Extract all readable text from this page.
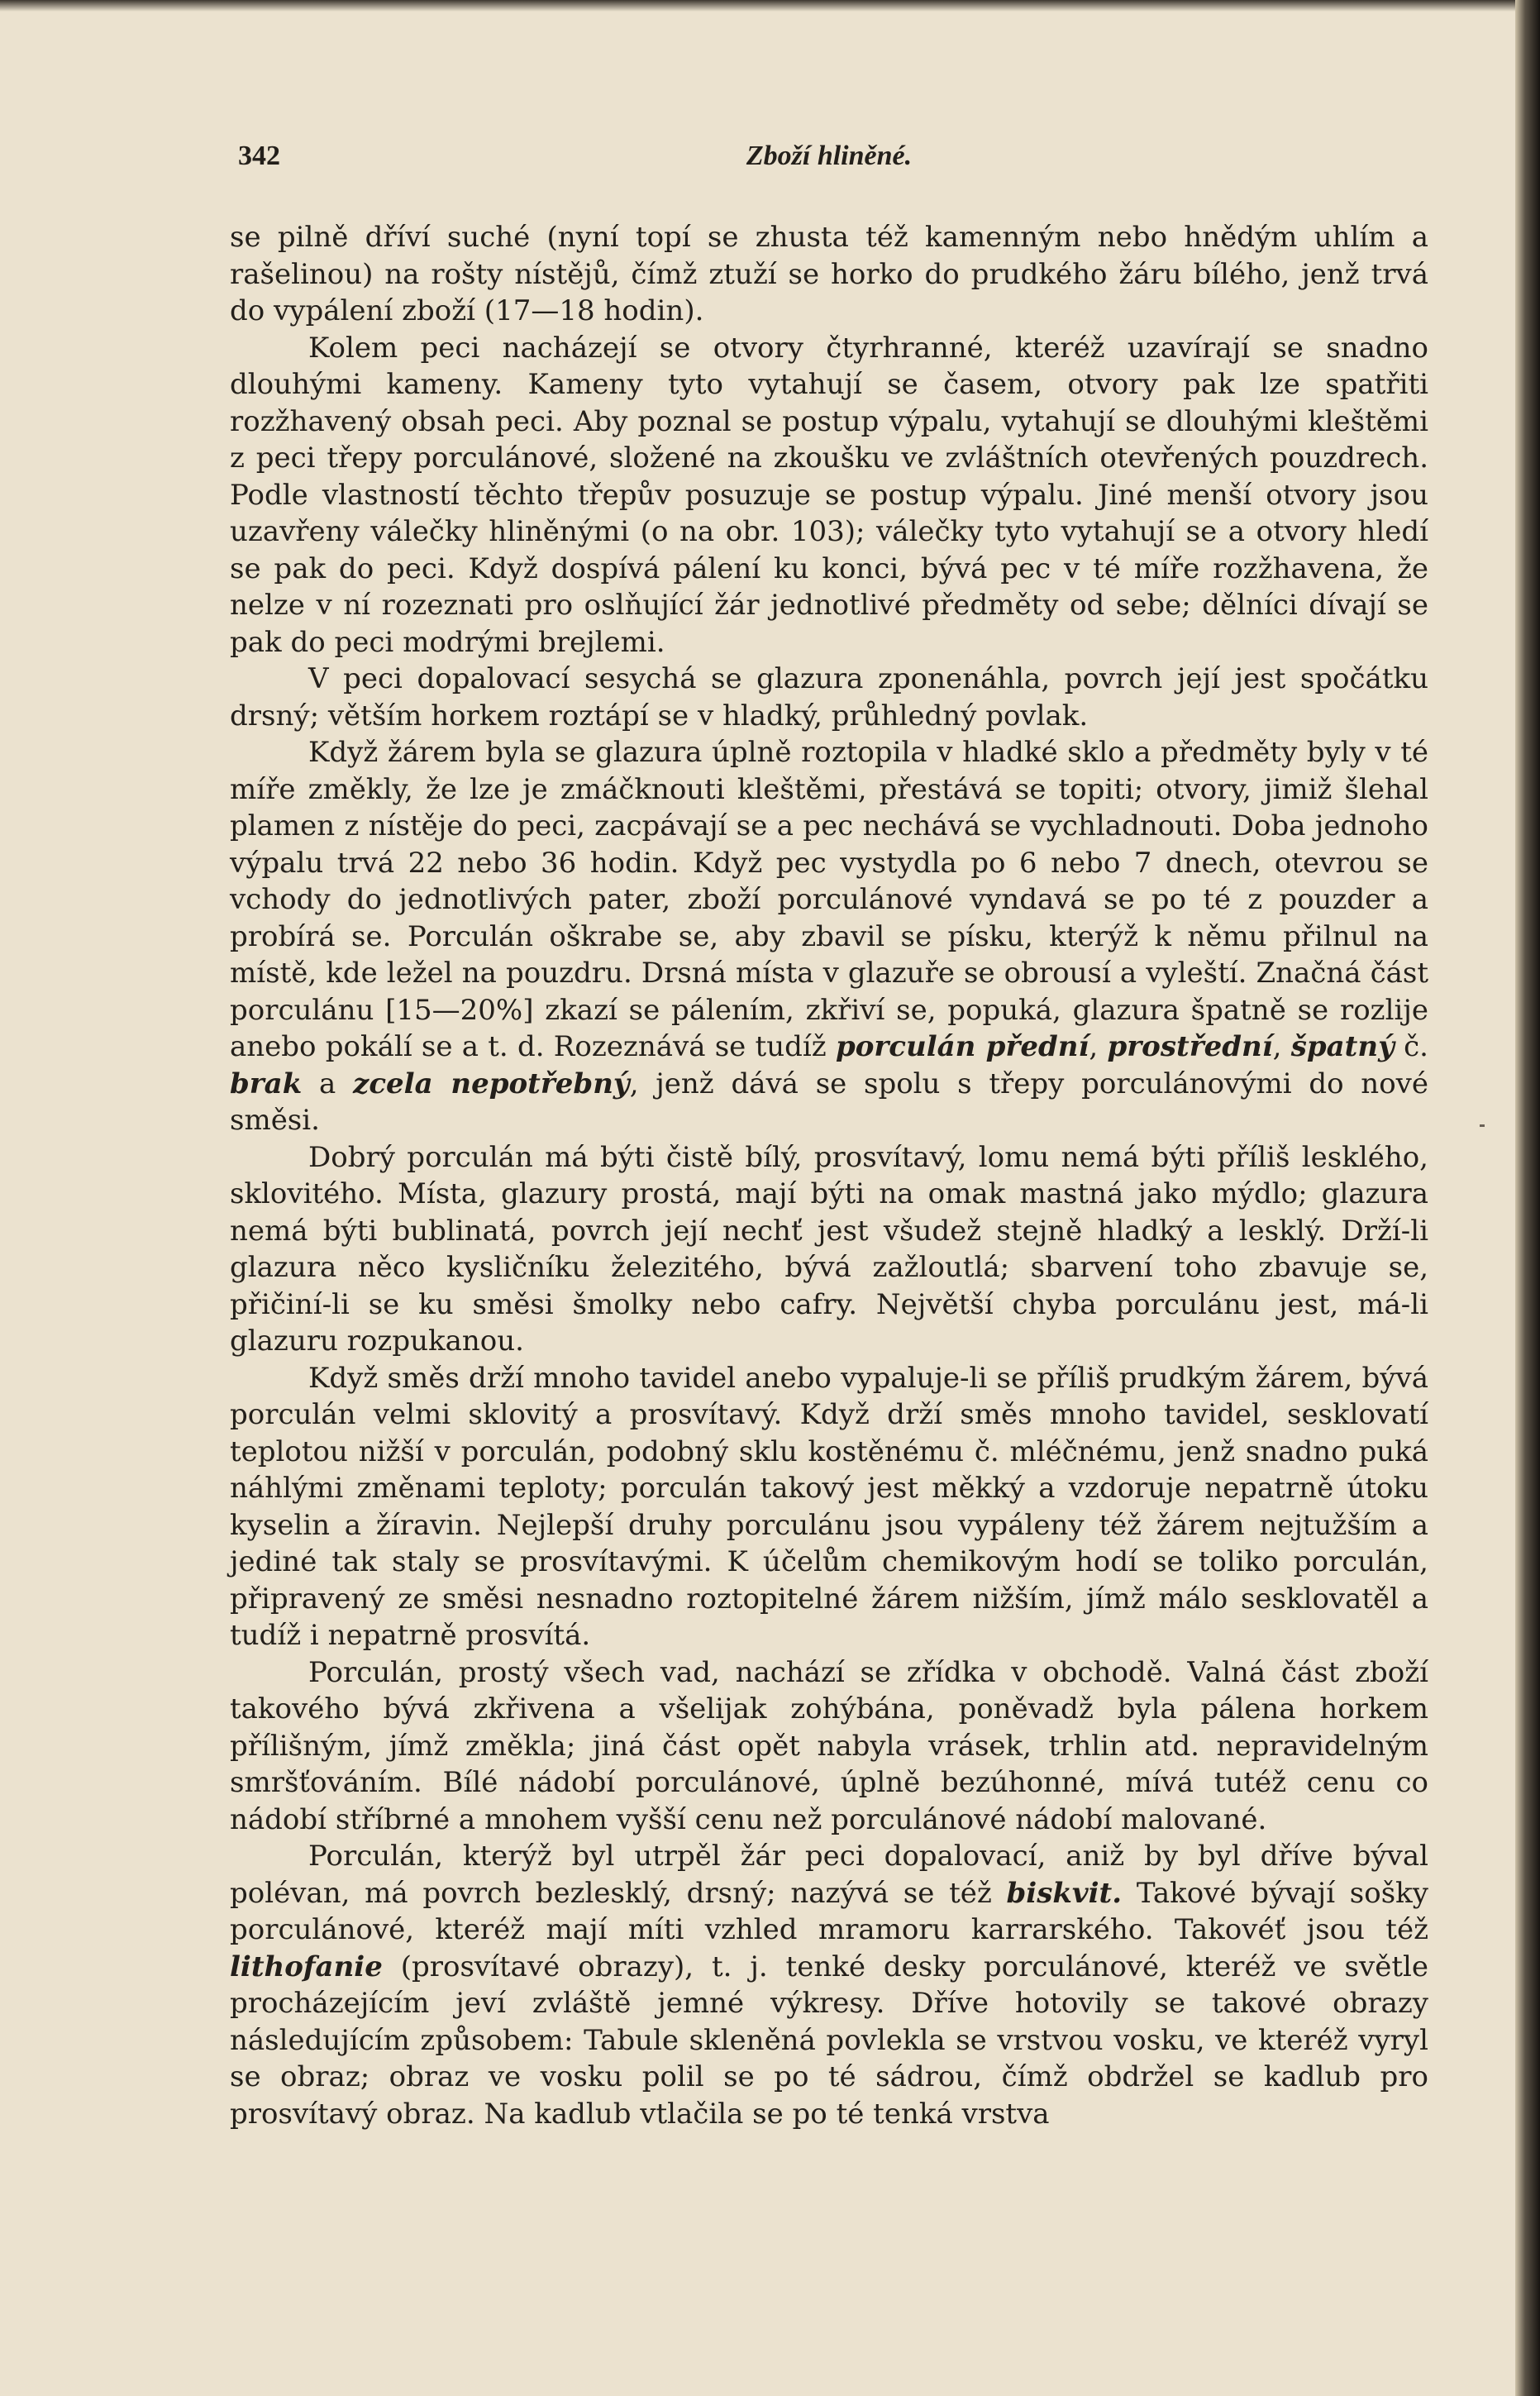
342	Zboží hliněné.

se pilně dříví suché (nyní topí se zhusta též kamenným nebo hnědým uhlím a rašelinou) na rošty nístějů, čímž ztuží se horko do prudkého žáru bílého, jenž trvá do vypálení zboží (17—18 hodin).

Kolem peci nacházejí se otvory čtyrhranné, kteréž uzavírají se snadno dlouhými kameny. Kameny tyto vytahují se časem, otvory pak lze spatřiti rozžhavený obsah peci. Aby poznal se postup výpalu, vytahují se dlouhými kleštěmi z peci třepy porculánové, složené na zkoušku ve zvláštních otevřených pouzdrech. Podle vlastností těchto třepův posuzuje se postup výpalu. Jiné menší otvory jsou uzavřeny válečky hliněnými (o na obr. 103); válečky tyto vytahují se a otvory hledí se pak do peci. Když dospívá pálení ku konci, bývá pec v té míře rozžhavena, že nelze v ní rozeznati pro oslňující žár jednotlivé předměty od sebe; dělníci dívají se pak do peci modrými brejlemi.

V peci dopalovací sesychá se glazura zponenáhla, povrch její jest spočátku drsný; větším horkem roztápí se v hladký, průhledný povlak.

Když žárem byla se glazura úplně roztopila v hladké sklo a předměty byly v té míře změkly, že lze je zmáčknouti kleštěmi, přestává se topiti; otvory, jimiž šlehal plamen z nístěje do peci, zacpávají se a pec nechává se vychladnouti. Doba jednoho výpalu trvá 22 nebo 36 hodin. Když pec vystydla po 6 nebo 7 dnech, otevrou se vchody do jednotlivých pater, zboží porculánové vyndavá se po té z pouzder a probírá se. Porculán oškrabe se, aby zbavil se písku, kterýž k němu přilnul na místě, kde ležel na pouzdru. Drsná místa v glazuře se obrousí a vyleští. Značná část porculánu [15—20%] zkazí se pálením, zkřiví se, popuká, glazura špatně se rozlije anebo pokálí se a t. d. Rozeznává se tudíž porculán přední, prostřední, špatný č. brak a zcela nepotřebný, jenž dává se spolu s třepy porculánovými do nové směsi.

Dobrý porculán má býti čistě bílý, prosvítavý, lomu nemá býti příliš lesklého, sklovitého. Místa, glazury prostá, mají býti na omak mastná jako mýdlo; glazura nemá býti bublinatá, povrch její nechť jest všudež stejně hladký a lesklý. Drží-li glazura něco kysličníku železitého, bývá zažloutlá; sbarvení toho zbavuje se, přičiní-li se ku směsi šmolky nebo cafry. Největší chyba porculánu jest, má-li glazuru rozpukanou.

Když směs drží mnoho tavidel anebo vypaluje-li se příliš prudkým žárem, bývá porculán velmi sklovitý a prosvítavý. Když drží směs mnoho tavidel, sesklovatí teplotou nižší v porculán, podobný sklu kostěnému č. mléčnému, jenž snadno puká náhlými změnami teploty; porculán takový jest měkký a vzdoruje nepatrně útoku kyselin a žíravin. Nejlepší druhy porculánu jsou vypáleny též žárem nejtužším a jediné tak staly se prosvítavými. K účelům chemikovým hodí se toliko porculán, připravený ze směsi nesnadno roztopitelné žárem nižším, jímž málo sesklovatěl a tudíž i nepatrně prosvítá.

Porculán, prostý všech vad, nachází se zřídka v obchodě. Valná část zboží takového bývá zkřivena a všelijak zohýbána, poněvadž byla pálena horkem přílišným, jímž změkla; jiná část opět nabyla vrásek, trhlin atd. nepravidelným smršťováním. Bílé nádobí porculánové, úplně bezúhonné, mívá tutéž cenu co nádobí stříbrné a mnohem vyšší cenu než porculánové nádobí malované.

Porculán, kterýž byl utrpěl žár peci dopalovací, aniž by byl dříve býval polévan, má povrch bezlesklý, drsný; nazývá se též biskvit. Takové bývají sošky porculánové, kteréž mají míti vzhled mramoru karrarského. Takovéť jsou též lithofanie (prosvítavé obrazy), t. j. tenké desky porculánové, kteréž ve světle procházejícím jeví zvláště jemné výkresy. Dříve hotovily se takové obrazy následujícím způsobem: Tabule skleněná povlekla se vrstvou vosku, ve kteréž vyryl se obraz; obraz ve vosku polil se po té sádrou, čímž obdržel se kadlub pro prosvítavý obraz. Na kadlub vtlačila se po té tenká vrstva
